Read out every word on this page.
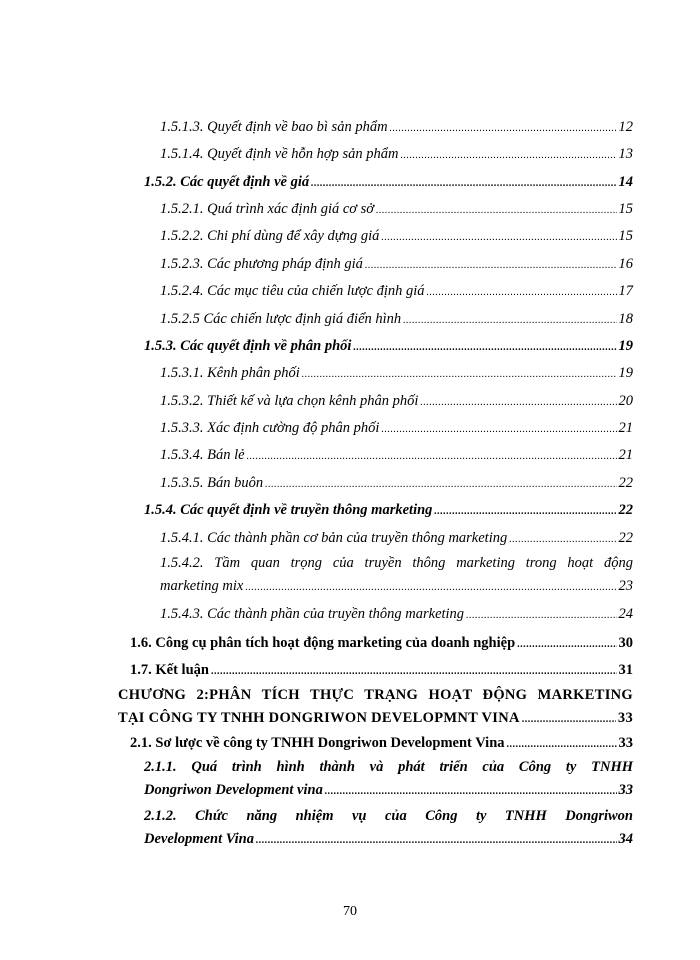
1.5.1.3. Quyết định về bao bì sản phẩm .....	12
1.5.1.4. Quyết định về hỗn hợp sản phẩm .....	13
1.5.2. Các quyết định về giá .....	14
1.5.2.1. Quá trình xác định giá cơ sở .....	15
1.5.2.2. Chi phí dùng để xây dựng giá .....	15
1.5.2.3. Các phương pháp định giá .....	16
1.5.2.4. Các mục tiêu của chiến lược định giá .....	17
1.5.2.5 Các chiến lược định giá điển hình .....	18
1.5.3. Các quyết định về phân phối .....	19
1.5.3.1. Kênh phân phối .....	19
1.5.3.2. Thiết kế và lựa chọn kênh phân phối .....	20
1.5.3.3. Xác định cường độ phân phối .....	21
1.5.3.4. Bán lẻ .....	21
1.5.3.5. Bán buôn .....	22
1.5.4. Các quyết định về truyền thông marketing .....	22
1.5.4.1. Các thành phần cơ bản của truyền thông marketing .....	22
1.5.4.2. Tầm quan trọng của truyền thông marketing trong hoạt động
marketing mix .....	23
1.5.4.3. Các thành phần của truyền thông marketing .....	24
1.6. Công cụ phân tích hoạt động marketing của doanh nghiệp .....	30
1.7. Kết luận .....	31
CHƯƠNG 2:PHÂN TÍCH THỰC TRẠNG HOẠT ĐỘNG MARKETING
TẠI CÔNG TY TNHH DONGRIWON DEVELOPMNT VINA .....	33
2.1. Sơ lược về công ty TNHH Dongriwon Development Vina .....	33
2.1.1. Quá trình hình thành và phát triển của Công ty TNHH
Dongriwon Development vina .....	33
2.1.2. Chức năng nhiệm vụ của Công ty TNHH Dongriwon
Development Vina .....	34
70
